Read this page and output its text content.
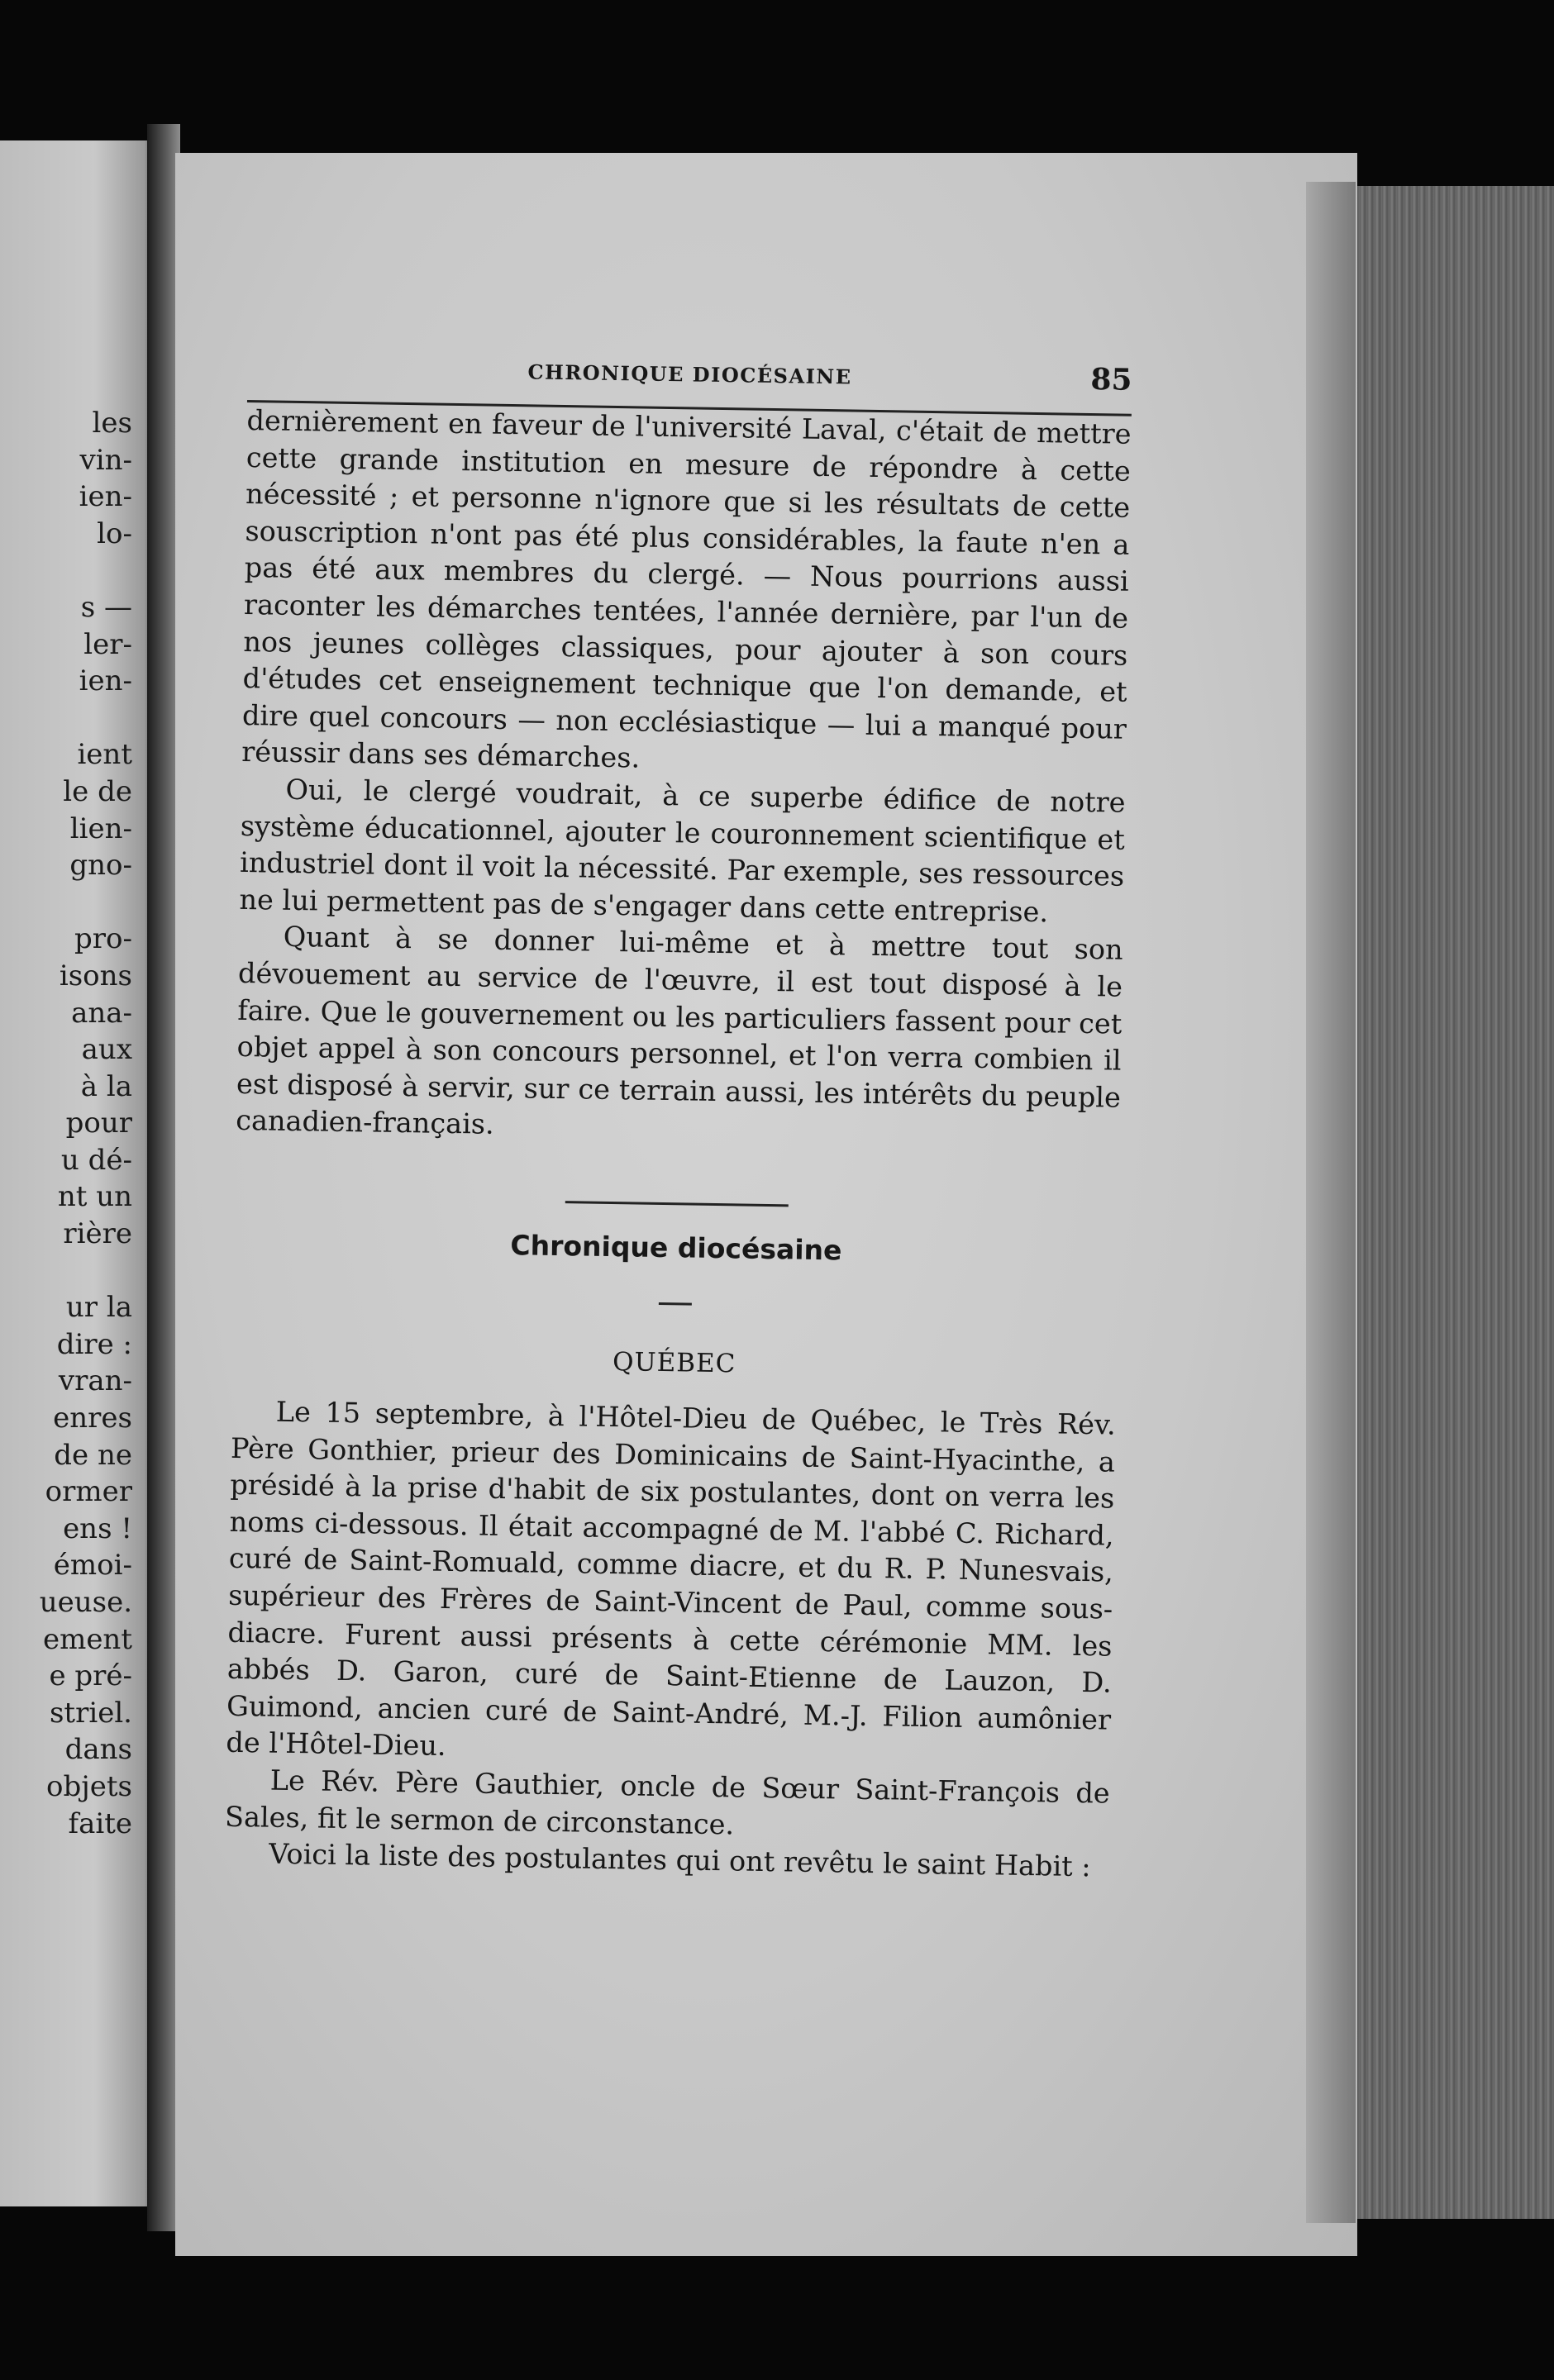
les
vin-
ien-
lo-
s —
ler-
ien-
ient
le de
lien-
gno-
pro-
isons
ana-
aux
à la
pour
u dé-
nt un
rière
ur la
dire :
vran-
enres
de ne
ormer
ens !
émoi-
ueuse.
ement
e pré-
striel.
dans
objets
faite
CHRONIQUE DIOCÉSAINE	85

dernièrement en faveur de l'université Laval, c'était de mettre cette grande institution en mesure de répondre à cette nécessité ; et personne n'ignore que si les résultats de cette souscription n'ont pas été plus considérables, la faute n'en a pas été aux membres du clergé. — Nous pourrions aussi raconter les démarches tentées, l'année dernière, par l'un de nos jeunes collèges classiques, pour ajouter à son cours d'études cet enseignement technique que l'on demande, et dire quel concours — non ecclésiastique — lui a manqué pour réussir dans ses démarches.

Oui, le clergé voudrait, à ce superbe édifice de notre système éducationnel, ajouter le couronnement scientifique et industriel dont il voit la nécessité. Par exemple, ses ressources ne lui permettent pas de s'engager dans cette entreprise.

Quant à se donner lui-même et à mettre tout son dévouement au service de l'œuvre, il est tout disposé à le faire. Que le gouvernement ou les particuliers fassent pour cet objet appel à son concours personnel, et l'on verra combien il est disposé à servir, sur ce terrain aussi, les intérêts du peuple canadien-français.

Chronique diocésaine
QUÉBEC

Le 15 septembre, à l'Hôtel-Dieu de Québec, le Très Rév. Père Gonthier, prieur des Dominicains de Saint-Hyacinthe, a présidé à la prise d'habit de six postulantes, dont on verra les noms ci-dessous. Il était accompagné de M. l'abbé C. Richard, curé de Saint-Romuald, comme diacre, et du R. P. Nunesvais, supérieur des Frères de Saint-Vincent de Paul, comme sous-diacre. Furent aussi présents à cette cérémonie MM. les abbés D. Garon, curé de Saint-Etienne de Lauzon, D. Guimond, ancien curé de Saint-André, M.-J. Filion aumônier de l'Hôtel-Dieu.

Le Rév. Père Gauthier, oncle de Sœur Saint-François de Sales, fit le sermon de circonstance.

Voici la liste des postulantes qui ont revêtu le saint Habit :
